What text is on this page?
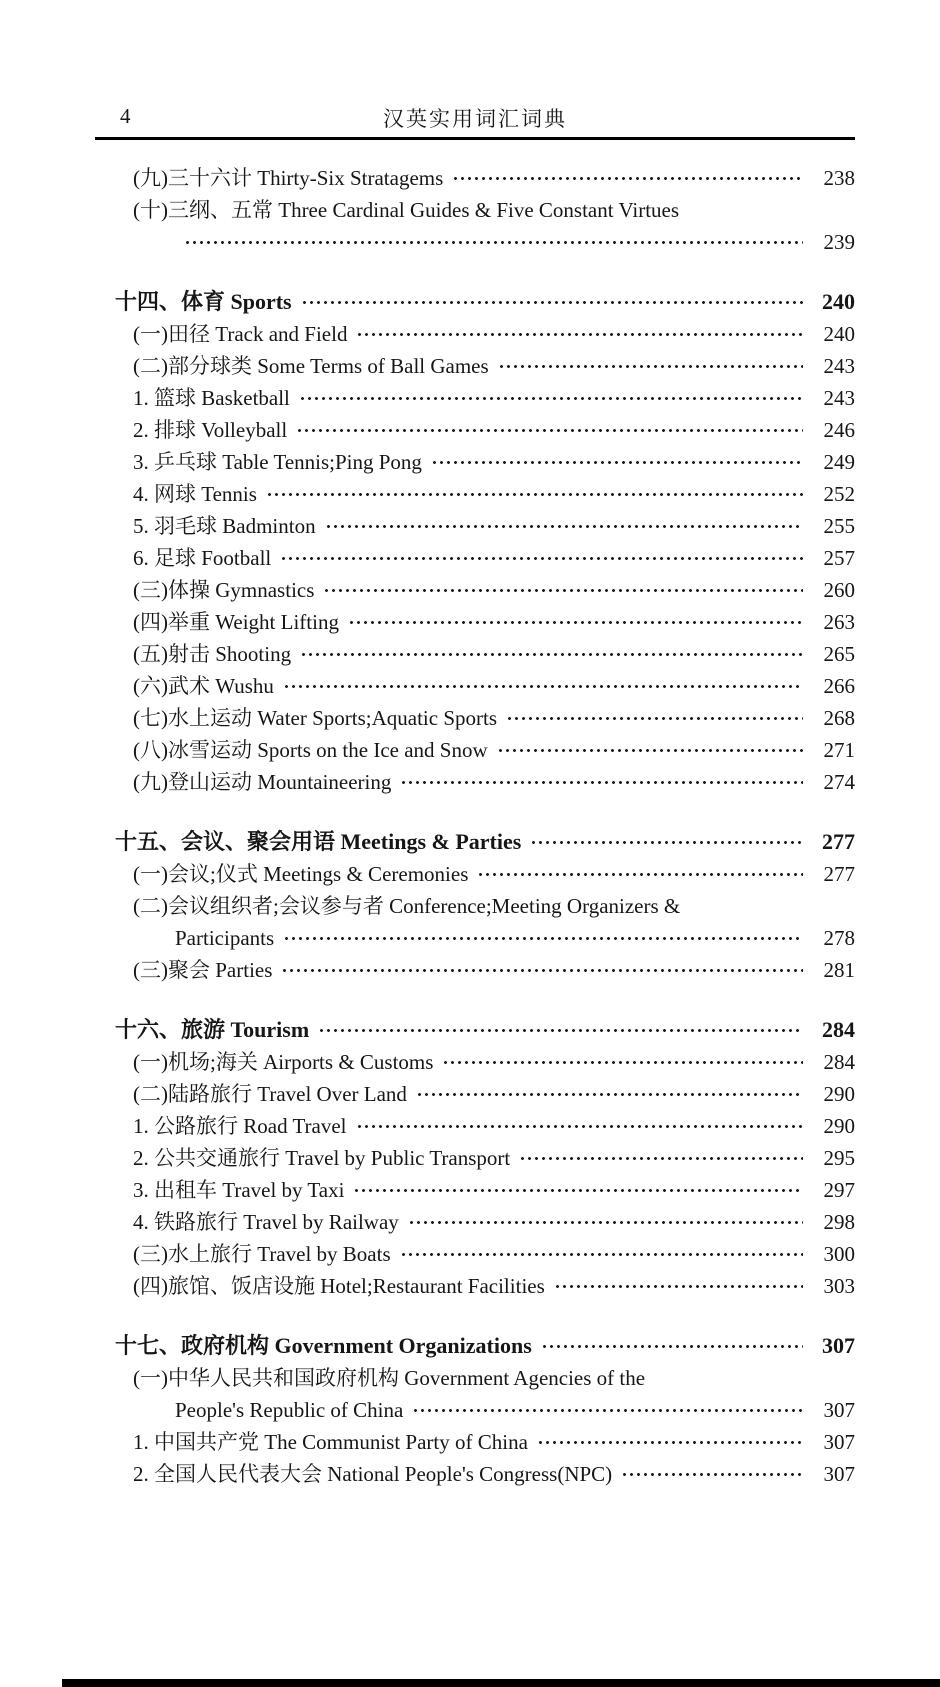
4	汉英实用词汇词典
(九)三十六计 Thirty-Six Stratagems	238
(十)三纲、五常 Three Cardinal Guides & Five Constant Virtues
239
十四、体育 Sports	240
(一)田径 Track and Field	240
(二)部分球类 Some Terms of Ball Games	243
1. 篮球 Basketball	243
2. 排球 Volleyball	246
3. 乒乓球 Table Tennis;Ping Pong	249
4. 网球 Tennis	252
5. 羽毛球 Badminton	255
6. 足球 Football	257
(三)体操 Gymnastics	260
(四)举重 Weight Lifting	263
(五)射击 Shooting	265
(六)武术 Wushu	266
(七)水上运动 Water Sports;Aquatic Sports	268
(八)冰雪运动 Sports on the Ice and Snow	271
(九)登山运动 Mountaineering	274
十五、会议、聚会用语 Meetings & Parties	277
(一)会议;仪式 Meetings & Ceremonies	277
(二)会议组织者;会议参与者 Conference;Meeting Organizers &
Participants	278
(三)聚会 Parties	281
十六、旅游 Tourism	284
(一)机场;海关 Airports & Customs	284
(二)陆路旅行 Travel Over Land	290
1. 公路旅行 Road Travel	290
2. 公共交通旅行 Travel by Public Transport	295
3. 出租车 Travel by Taxi	297
4. 铁路旅行 Travel by Railway	298
(三)水上旅行 Travel by Boats	300
(四)旅馆、饭店设施 Hotel;Restaurant Facilities	303
十七、政府机构 Government Organizations	307
(一)中华人民共和国政府机构 Government Agencies of the
People's Republic of China	307
1. 中国共产党 The Communist Party of China	307
2. 全国人民代表大会 National People's Congress(NPC)	307
